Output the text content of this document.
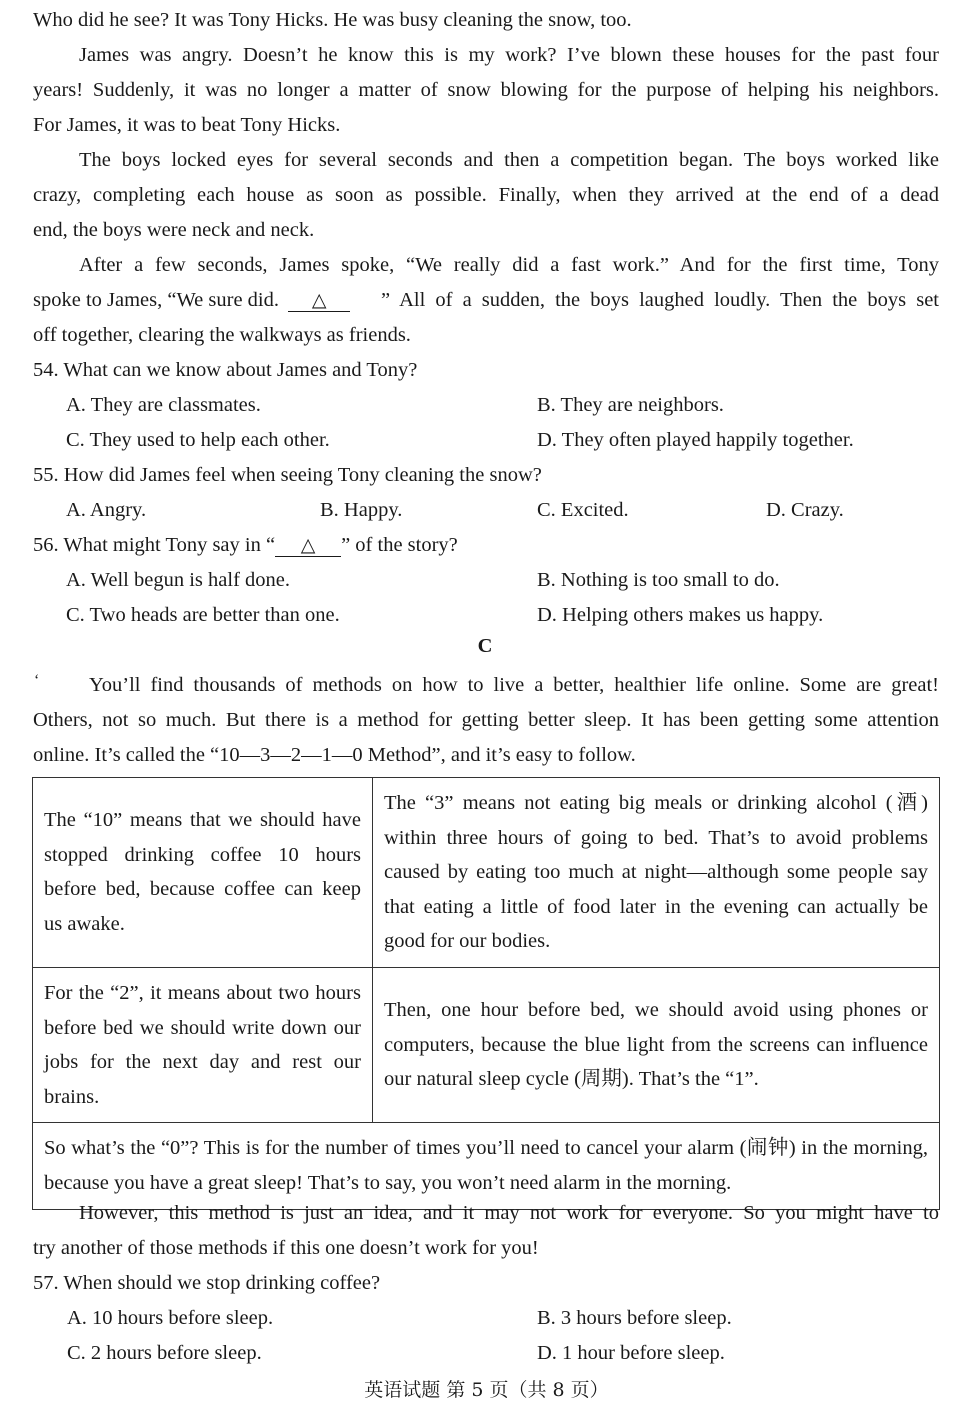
Who did he see? It was Tony Hicks. He was busy cleaning the snow, too.
James was angry. Doesn’t he know this is my work? I’ve blown these houses for the past four
years! Suddenly, it was no longer a matter of snow blowing for the purpose of helping his neighbors.
For James, it was to beat Tony Hicks.
The boys locked eyes for several seconds and then a competition began. The boys worked like
crazy, completing each house as soon as possible. Finally, when they arrived at the end of a dead
end, the boys were neck and neck.
After a few seconds, James spoke, “We really did a fast work.” And for the first time, Tony
spoke to James, “We sure did. △	” All of a sudden, the boys laughed loudly. Then the boys set
off together, clearing the walkways as friends.
54. What can we know about James and Tony?
A. They are classmates.	B. They are neighbors.
C. They used to help each other.	D. They often played happily together.
55. How did James feel when seeing Tony cleaning the snow?
A. Angry.	B. Happy.	C. Excited.	D. Crazy.
56. What might Tony say in “ △ ” of the story?
A. Well begun is half done.	B. Nothing is too small to do.
C. Two heads are better than one.	D. Helping others makes us happy.
C
‘ You’ll find thousands of methods on how to live a better, healthier life online. Some are great!
Others, not so much. But there is a method for getting better sleep. It has been getting some attention
online. It’s called the “10—3—2—1—0 Method”, and it’s easy to follow.
The “10” means that we should have stopped drinking coffee 10 hours before bed, because coffee can keep us awake.	The “3” means not eating big meals or drinking alcohol (酒) within three hours of going to bed. That’s to avoid problems caused by eating too much at night—although some people say that eating a little of food later in the evening can actually be good for our bodies.
For the “2”, it means about two hours before bed we should write down our jobs for the next day and rest our brains.	Then, one hour before bed, we should avoid using phones or computers, because the blue light from the screens can influence our natural sleep cycle (周期). That’s the “1”.
So what’s the “0”? This is for the number of times you’ll need to cancel your alarm (闹钟) in the morning, because you have a great sleep! That’s to say, you won’t need alarm in the morning.	
However, this method is just an idea, and it may not work for everyone. So you might have to
try another of those methods if this one doesn’t work for you!
57. When should we stop drinking coffee?
A. 10 hours before sleep.	B. 3 hours before sleep.
C. 2 hours before sleep.	D. 1 hour before sleep.
英语试题 第 5 页（共 8 页）
